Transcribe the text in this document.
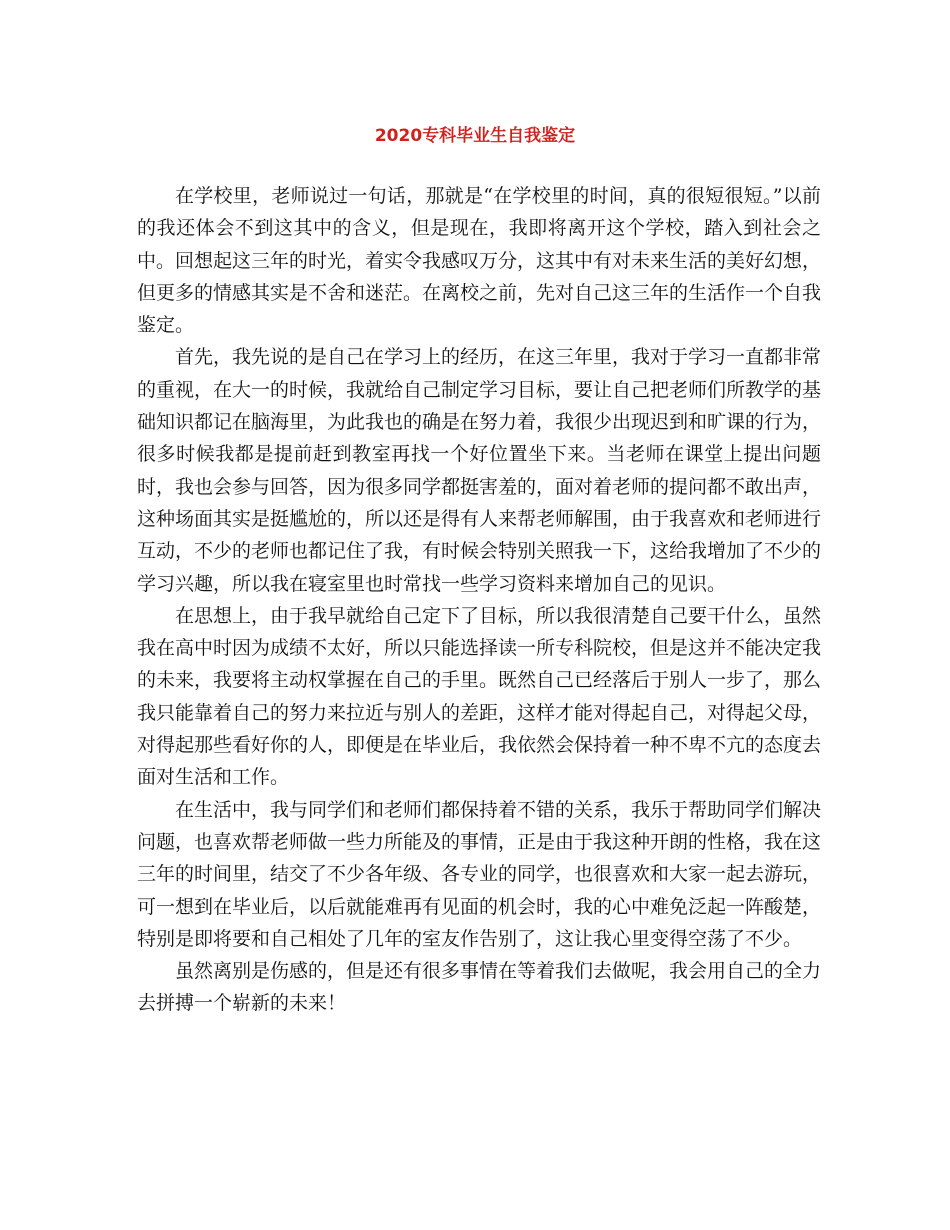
2020专科毕业生自我鉴定

在学校里，老师说过一句话，那就是“在学校里的时间，真的很短很短。”以前的我还体会不到这其中的含义，但是现在，我即将离开这个学校，踏入到社会之中。回想起这三年的时光，着实令我感叹万分，这其中有对未来生活的美好幻想，但更多的情感其实是不舍和迷茫。在离校之前，先对自己这三年的生活作一个自我鉴定。

首先，我先说的是自己在学习上的经历，在这三年里，我对于学习一直都非常的重视，在大一的时候，我就给自己制定学习目标，要让自己把老师们所教学的基础知识都记在脑海里，为此我也的确是在努力着，我很少出现迟到和旷课的行为，很多时候我都是提前赶到教室再找一个好位置坐下来。当老师在课堂上提出问题时，我也会参与回答，因为很多同学都挺害羞的，面对着老师的提问都不敢出声，这种场面其实是挺尴尬的，所以还是得有人来帮老师解围，由于我喜欢和老师进行互动，不少的老师也都记住了我，有时候会特别关照我一下，这给我增加了不少的学习兴趣，所以我在寝室里也时常找一些学习资料来增加自己的见识。

在思想上，由于我早就给自己定下了目标，所以我很清楚自己要干什么，虽然我在高中时因为成绩不太好，所以只能选择读一所专科院校，但是这并不能决定我的未来，我要将主动权掌握在自己的手里。既然自己已经落后于别人一步了，那么我只能靠着自己的努力来拉近与别人的差距，这样才能对得起自己，对得起父母，对得起那些看好你的人，即便是在毕业后，我依然会保持着一种不卑不亢的态度去面对生活和工作。

在生活中，我与同学们和老师们都保持着不错的关系，我乐于帮助同学们解决问题，也喜欢帮老师做一些力所能及的事情，正是由于我这种开朗的性格，我在这三年的时间里，结交了不少各年级、各专业的同学，也很喜欢和大家一起去游玩，可一想到在毕业后，以后就能难再有见面的机会时，我的心中难免泛起一阵酸楚，特别是即将要和自己相处了几年的室友作告别了，这让我心里变得空荡了不少。

虽然离别是伤感的，但是还有很多事情在等着我们去做呢，我会用自己的全力去拼搏一个崭新的未来！
